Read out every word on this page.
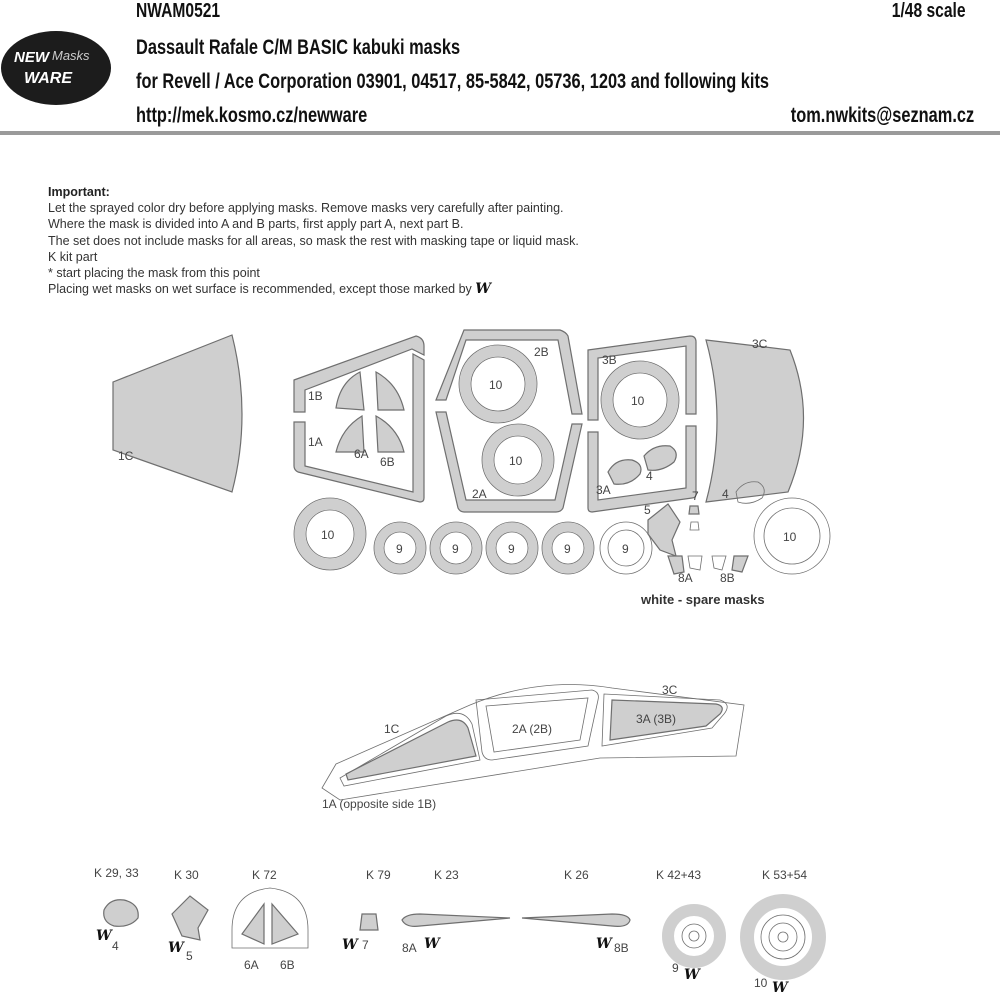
NWAM0521	1/48 scale
Dassault Rafale C/M BASIC kabuki masks
for Revell / Ace Corporation 03901, 04517, 85-5842, 05736, 1203 and following kits
http://mek.kosmo.cz/newware	tom.nwkits@seznam.cz
NEW Masks
WARE
Important:
Let the sprayed color dry before applying masks. Remove masks very carefully after painting.
Where the mask is divided into A and B parts, first apply part A, next part B.
The set does not include masks for all areas, so mask the rest with masking tape or liquid mask.
K kit part
* start placing the mask from this point
Placing wet masks on wet surface is recommended, except those marked by W
1C
1B
1A
6A
6B
2B
2A
3B
3A
3C
10
10
10
10	10
9	9	9	9	9
4
4
5
7
8A 8B
1C	2A (2B)
3A (3B)
3C
1A (opposite side 1B)
K 29, 33	K 30	K 72	K 79	K 23	K 26	K 42+43	K 53+54
W
4	W 5
6A 6B
W 7	8A W	W 8B
9 W	10 W
white - spare masks
